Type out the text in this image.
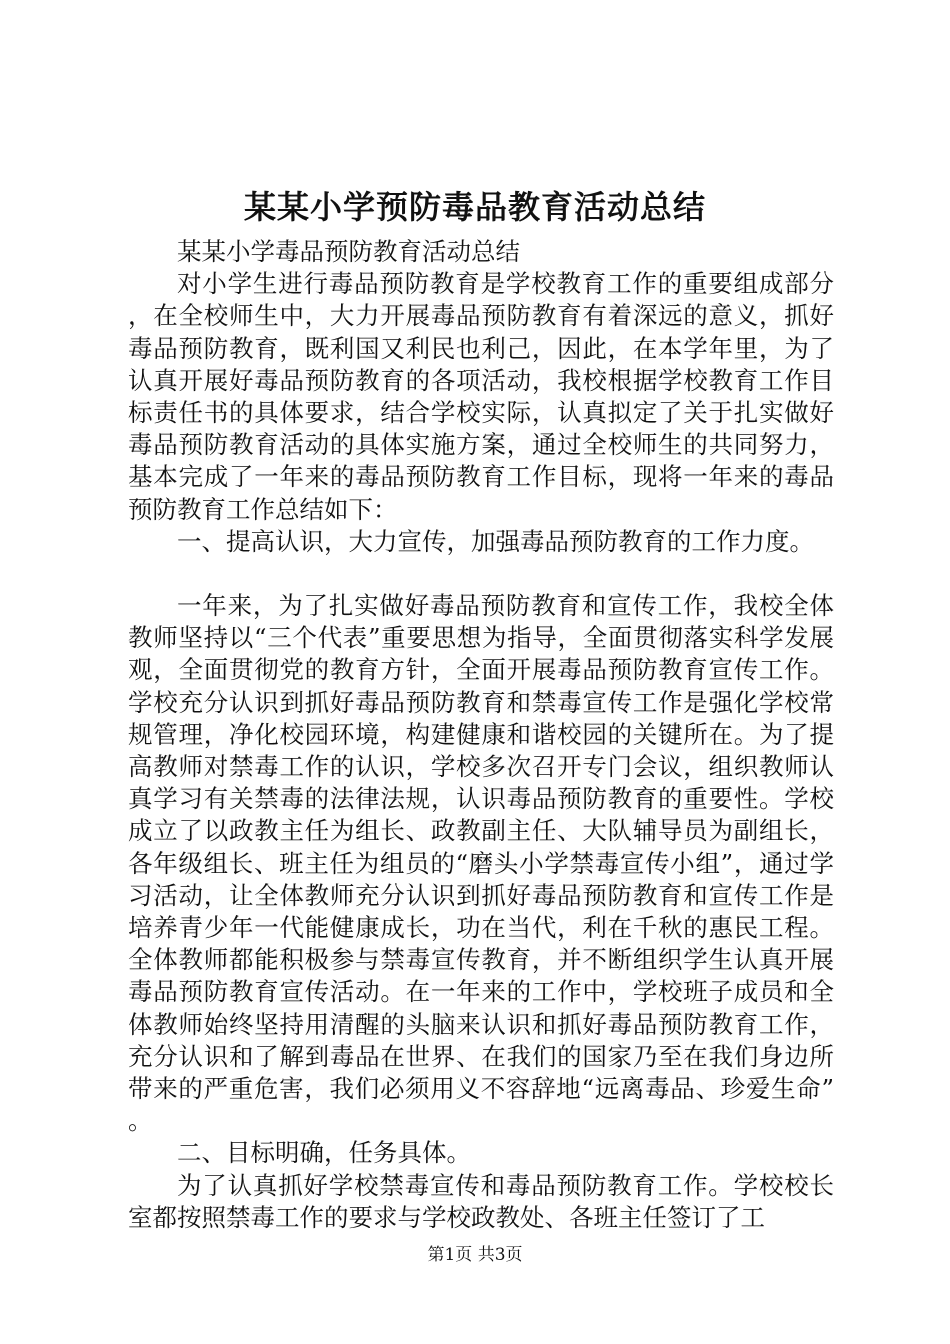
某某小学预防毒品教育活动总结

某某小学毒品预防教育活动总结

对小学生进行毒品预防教育是学校教育工作的重要组成部分，在全校师生中，大力开展毒品预防教育有着深远的意义，抓好毒品预防教育，既利国又利民也利己，因此，在本学年里，为了认真开展好毒品预防教育的各项活动，我校根据学校教育工作目标责任书的具体要求，结合学校实际，认真拟定了关于扎实做好毒品预防教育活动的具体实施方案，通过全校师生的共同努力，基本完成了一年来的毒品预防教育工作目标，现将一年来的毒品预防教育工作总结如下：

一、提高认识，大力宣传，加强毒品预防教育的工作力度。

一年来，为了扎实做好毒品预防教育和宣传工作，我校全体教师坚持以“三个代表”重要思想为指导，全面贯彻落实科学发展观，全面贯彻党的教育方针，全面开展毒品预防教育宣传工作。学校充分认识到抓好毒品预防教育和禁毒宣传工作是强化学校常规管理，净化校园环境，构建健康和谐校园的关键所在。为了提高教师对禁毒工作的认识，学校多次召开专门会议，组织教师认真学习有关禁毒的法律法规，认识毒品预防教育的重要性。学校成立了以政教主任为组长、政教副主任、大队辅导员为副组长，各年级组长、班主任为组员的“磨头小学禁毒宣传小组”，通过学习活动，让全体教师充分认识到抓好毒品预防教育和宣传工作是培养青少年一代能健康成长，功在当代，利在千秋的惠民工程。全体教师都能积极参与禁毒宣传教育，并不断组织学生认真开展毒品预防教育宣传活动。在一年来的工作中，学校班子成员和全体教师始终坚持用清醒的头脑来认识和抓好毒品预防教育工作，充分认识和了解到毒品在世界、在我们的国家乃至在我们身边所带来的严重危害，我们必须用义不容辞地“远离毒品、珍爱生命”。

二、目标明确，任务具体。

为了认真抓好学校禁毒宣传和毒品预防教育工作。学校校长室都按照禁毒工作的要求与学校政教处、各班主任签订了工

第1页 共3页
